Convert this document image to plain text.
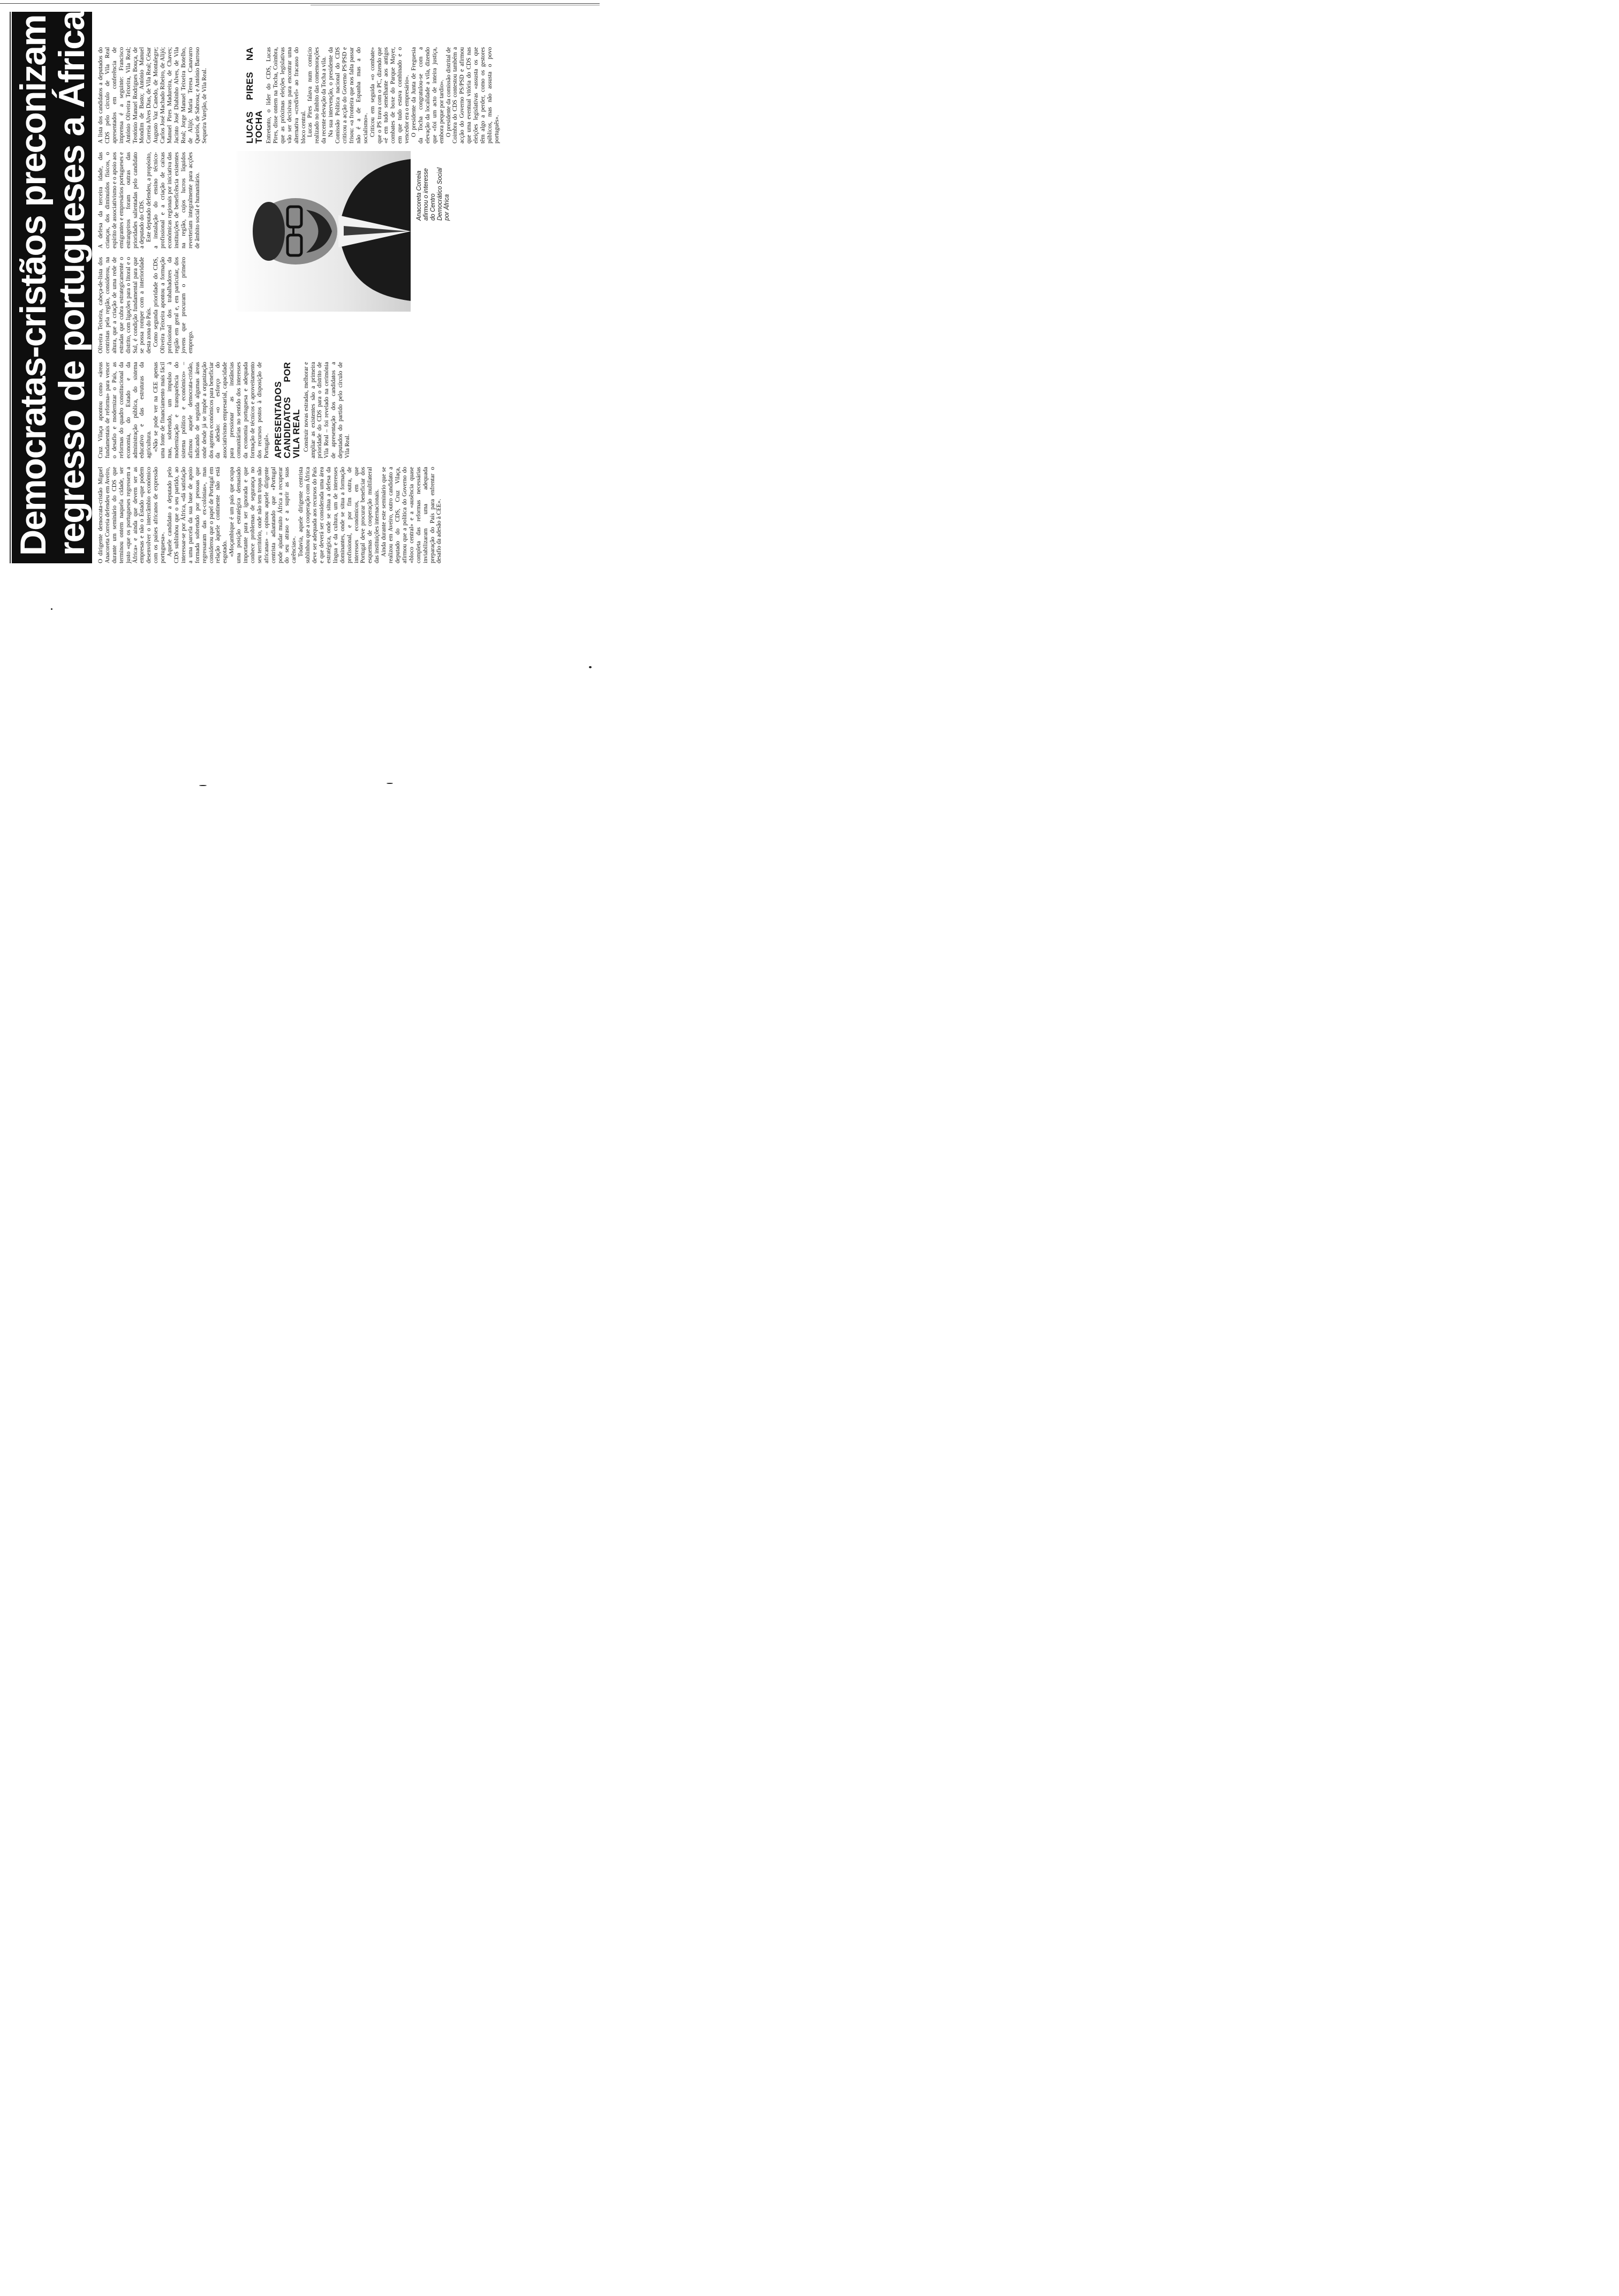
Democratas-cristãos preconizam
regresso de portugueses a África O dirigente democrata-cristão Miguel Anacoreta Correia defendeu em Aveiro, durante um seminário do CDS que terminou ontem naquela cidade, ser justo «que os portugueses regressem a África» e ainda que devem ser as empresas e não o Estado «que podem desenvolver o intercâmbio económico com os países africanos de expressão portuguesa». Aquele candidato a deputado pelo CDS sublinhou que o seu partido, ao interessar-se por África, «dá satisfação a uma parcela da sua base de apoio formada sobretudo por pessoas que regressaram das ex-colónias», mas considerou que o papel de Portugal em relação àquele continente não está esgotado. «Moçambique é um país que ocupa uma posição estratégica demasiado importante para ser ignorada e que conhece problemas de segurança no seu território, onde não tem tropas não africanas» – opinou aquele dirigente centrista adiantando que «Portugal pode ajudar muito África a recuperar do seu atraso e a suprir as suas carências». Todavia, aquele dirigente centrista sublinhou que a cooperação com África deve ser adequada aos recursos do País e que deverá ser considerada uma área estratégica, onde se situa a defesa da língua e da cultura, um de interesses dominantes, onde se situa a formação profissional, e por fim outra, de interesses económicos, em que Portugal deve procurar beneficiar dos esquemas de cooperação multilateral das instituições internacionais. Ainda durante este seminário que se realizou em Aveiro, outro candidato a deputado do CDS, Cruz Vilaça, afirmou que a política do Governo do «bloco central» e a «ausência quase completa das reformas necessárias inviabilizaram uma adequada preparação do País para enfrentar o desafio da adesão à CEE».

Cruz Vilaça apontou como «áreas fundamentais de reforma» para vencer o desafio e modernizar o País, as reformas do quadro constitucional da economia, do Estado e da administração pública, do sistema educativo e das estruturas da agricultura. «Não se pode ver na CEE apenas uma fonte de financiamento mais fácil mas, sobretudo, um impulso à modernização e transparência do sistema político e económico» – afirmou aquele democrata-cristão, indicando de seguida algumas áreas onde desde já se impõe a organização dos agentes económicos para beneficiar da adesão: «o esforço do associativismo empresarial, capacidade para pressionar as instâncias comunitárias no sentido dos interesses da economia portuguesa e adequada formação de técnicos e aproveitamento dos recursos postos à disposição de Portugal». APRESENTADOS CANDIDATOS POR VILA REAL Construir novas estradas, melhorar e ampliar as existentes são a primeira prioridade do CDS para o distrito de Vila Real – foi revelado na cerimónia de apresentação dos candidatos a deputados do partido pelo círculo de Vila Real.

Oliveira Teixeira, cabeça-de-lista dos centristas pela região, considerou, na altura, que a criação de uma rede de estradas que cubra estrategicamente o distrito, com ligações para o litoral e o Sul, é condição fundamental para que se possa romper com a interioridade desta zona do País. Como segunda prioridade do CDS, Oliveira Teixeira apontou a formação profissional dos trabalhadores da região em geral e, em particular, dos jovens que procuram o primeiro emprego.

A defesa da terceira idade, das crianças, dos diminuídos físicos, o espírito de associativismo e o apoio aos emigrantes e empresários portugueses e estrangeiros foram outras das prioridades salientadas pelo candidato a deputado do CDS. Este deputado defendeu, a propósito, a instalação do ensino técnico-profissional e a criação de caixas económicas regionais por iniciativa das instituições de beneficência existentes na região, cujos lucros líquidos reverteriam integralmente para acções de âmbito social e humanitário.

A lista dos candidatos a deputados do CDS pelo círculo de Vila Real apresentados em conferência de imprensa é a seguinte: Francisco António Oliveira Teixeira, Vila Real; Teotónio Manuel Rodrigues Bouça, de Mondim de Basto; António Manuel Correia Alves Dias, de Vila Real; César Augusto Vaz Canedo, de Montalegre; Carlos José Machado Ribeiro, de Alijó; Manuel Pires Madureira, de Chaves; Jacinto José Diabinho Alves, de Vila Real; Jorge Manuel Teixeira Botelho, de Alijó; Maria Teresa Canavarro Queirós, de Sabrosa; e António Barroso Sequeira Varejão, de Vila Real.

Anacoreta Correia afirmou o interesse do Centro Democrático Social por África
LUCAS PIRES NA TOCHA Entretanto, o líder do CDS, Lucas Pires, disse ontem na Tocha, Coimbra, que as próximas eleições legislativas vão ser decisivas para encontrar uma alternativa «credível» ao fracasso do bloco central. Lucas Pires falava num comício realizado no âmbito das comemorações da recente elevação da Tocha a vila. Na sua intervenção, o presidente da Comissão Política nacional do CDS criticou a acção do Governo PS/PSD e frisou: «a fronteira que nos falta passar não é a de Espanha mas a do socialismo». Criticou em seguida «o combate» que o PS trava com o PC, dizendo que «é em tudo semelhante aos antigos combates de boxe do Parque Mayer, em que tudo estava combinado e o vencedor era o empresário». O presidente da Junta de Freguesia da Tocha congratulou-se com a elevação da localidade a vila, dizendo que «foi um acto de inteira justiça, embora peque por tardio». O presidente da comissão distrital de Coimbra do CDS contestou também a acção do Governo PS/PSD e afirmou que uma eventual vitória do CDS nas eleições legislativas «assusta os que têm algo a perder, como os gestores públicos, mas não assusta o povo português».
